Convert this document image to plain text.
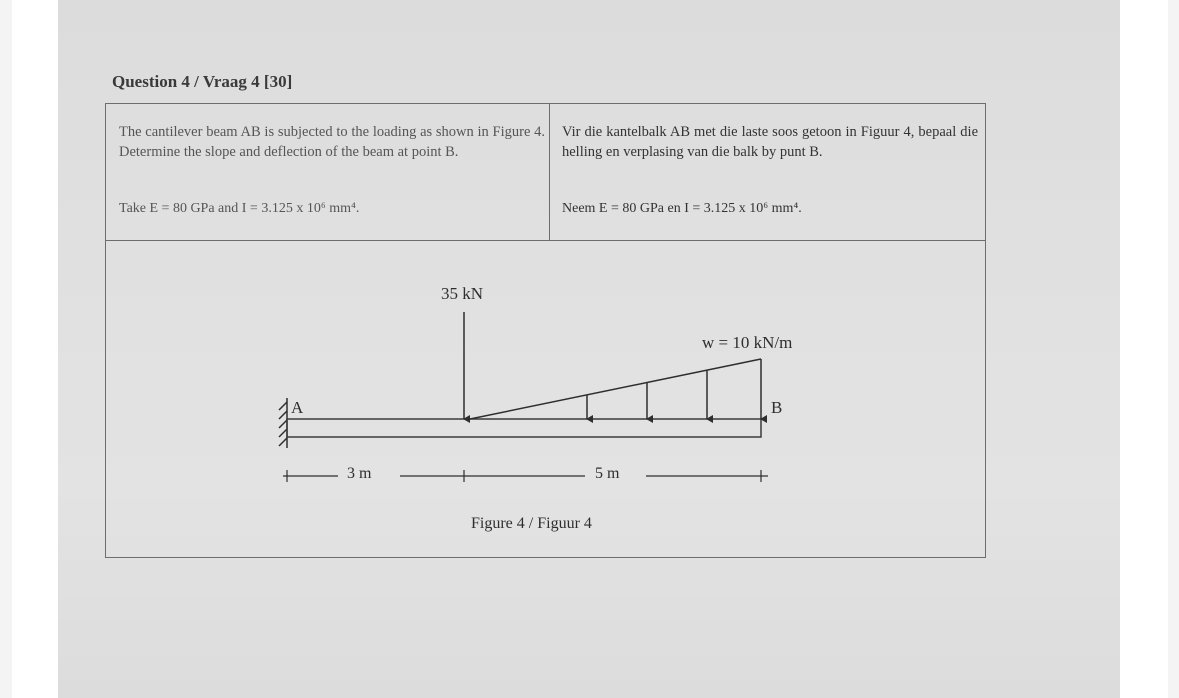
Question 4 / Vraag 4 [30]
The cantilever beam AB is subjected to the loading as shown in Figure 4. Determine the slope and deflection of the beam at point B.
Take E = 80 GPa and I = 3.125 x 10⁶ mm⁴.
Vir die kantelbalk AB met die laste soos getoon in Figuur 4, bepaal die helling en verplasing van die balk by punt B.
Neem E = 80 GPa en I = 3.125 x 10⁶ mm⁴.
35 kN
w = 10 kN/m
A	B
3 m	5 m
Figure 4 / Figuur 4
